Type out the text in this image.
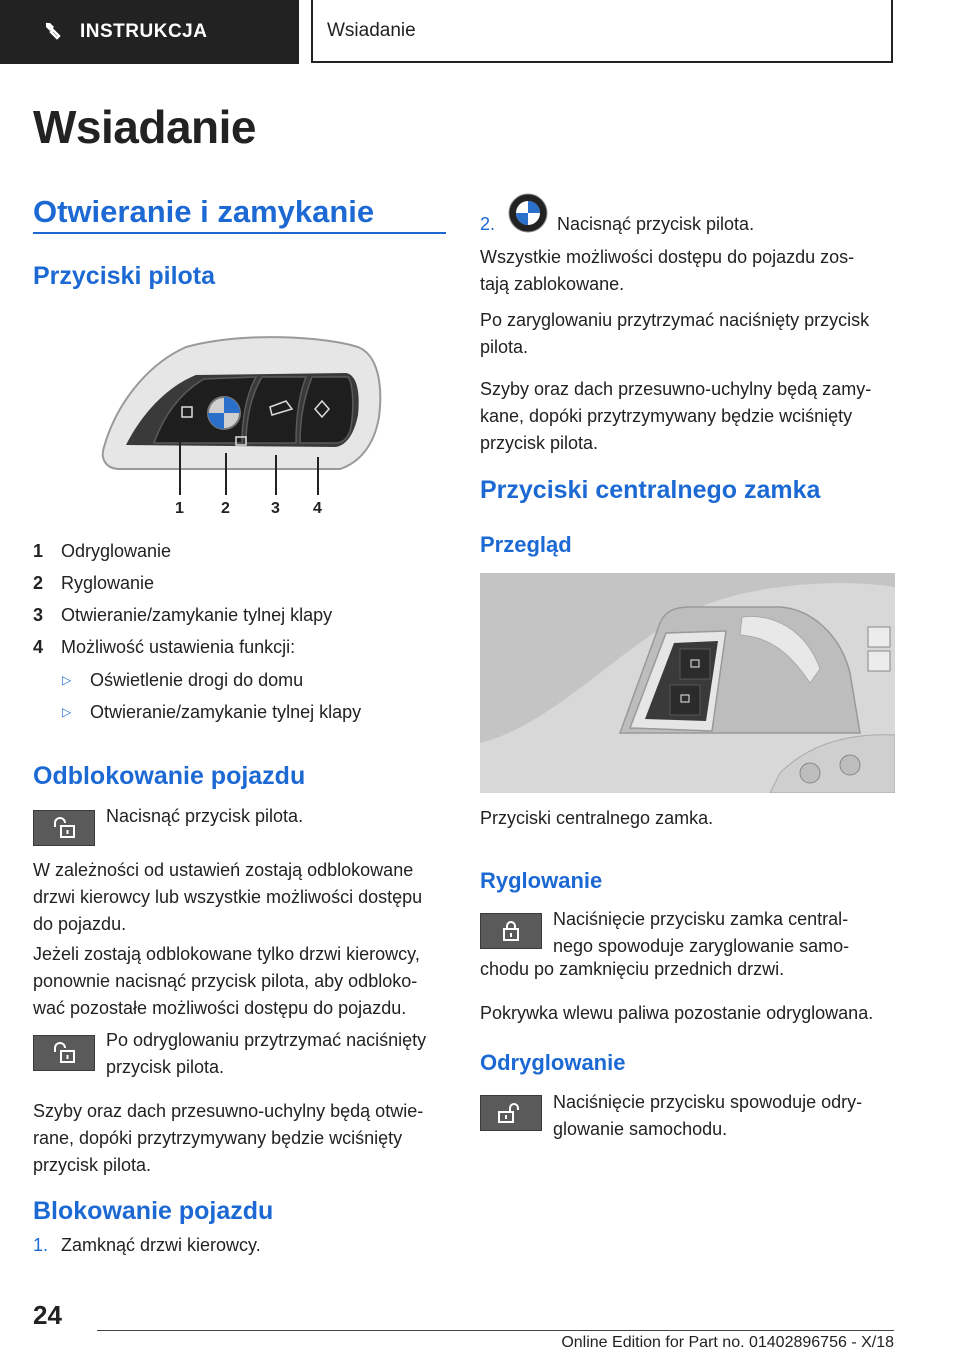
INSTRUKCJA	Wsiadanie
Wsiadanie
Otwieranie i zamykanie
Przyciski pilota
1 2	3 4
1 Odryglowanie
2 Ryglowanie
3 Otwieranie/zamykanie tylnej klapy
4 Możliwość ustawienia funkcji:
▷ Oświetlenie drogi do domu
▷ Otwieranie/zamykanie tylnej klapy
Odblokowanie pojazdu

Nacisnąć przycisk pilota.

W zależności od ustawień zostają odblokowane

drzwi kierowcy lub wszystkie możliwości dostępu

do pojazdu.

Jeżeli zostają odblokowane tylko drzwi kierowcy,

ponownie nacisnąć przycisk pilota, aby odbloko-

wać pozostałe możliwości dostępu do pojazdu.

Po odryglowaniu przytrzymać naciśnięty

przycisk pilota.

Szyby oraz dach przesuwno-uchylny będą otwie-

rane, dopóki przytrzymywany będzie wciśnięty

przycisk pilota.

Blokowanie pojazdu
1. Zamknąć drzwi kierowcy.
2.	Nacisnąć przycisk pilota.

Wszystkie możliwości dostępu do pojazdu zos-

tają zablokowane.

Po zaryglowaniu przytrzymać naciśnięty przycisk

pilota.

Szyby oraz dach przesuwno-uchylny będą zamy-

kane, dopóki przytrzymywany będzie wciśnięty

przycisk pilota.

Przyciski centralnego zamka
Przegląd

Przyciski centralnego zamka.

Ryglowanie

Naciśnięcie przycisku zamka central-

nego spowoduje zaryglowanie samo-

chodu po zamknięciu przednich drzwi.

Pokrywka wlewu paliwa pozostanie odryglowana.

Odryglowanie

Naciśnięcie przycisku spowoduje odry-

glowanie samochodu.

24
Online Edition for Part no. 01402896756 - X/18
